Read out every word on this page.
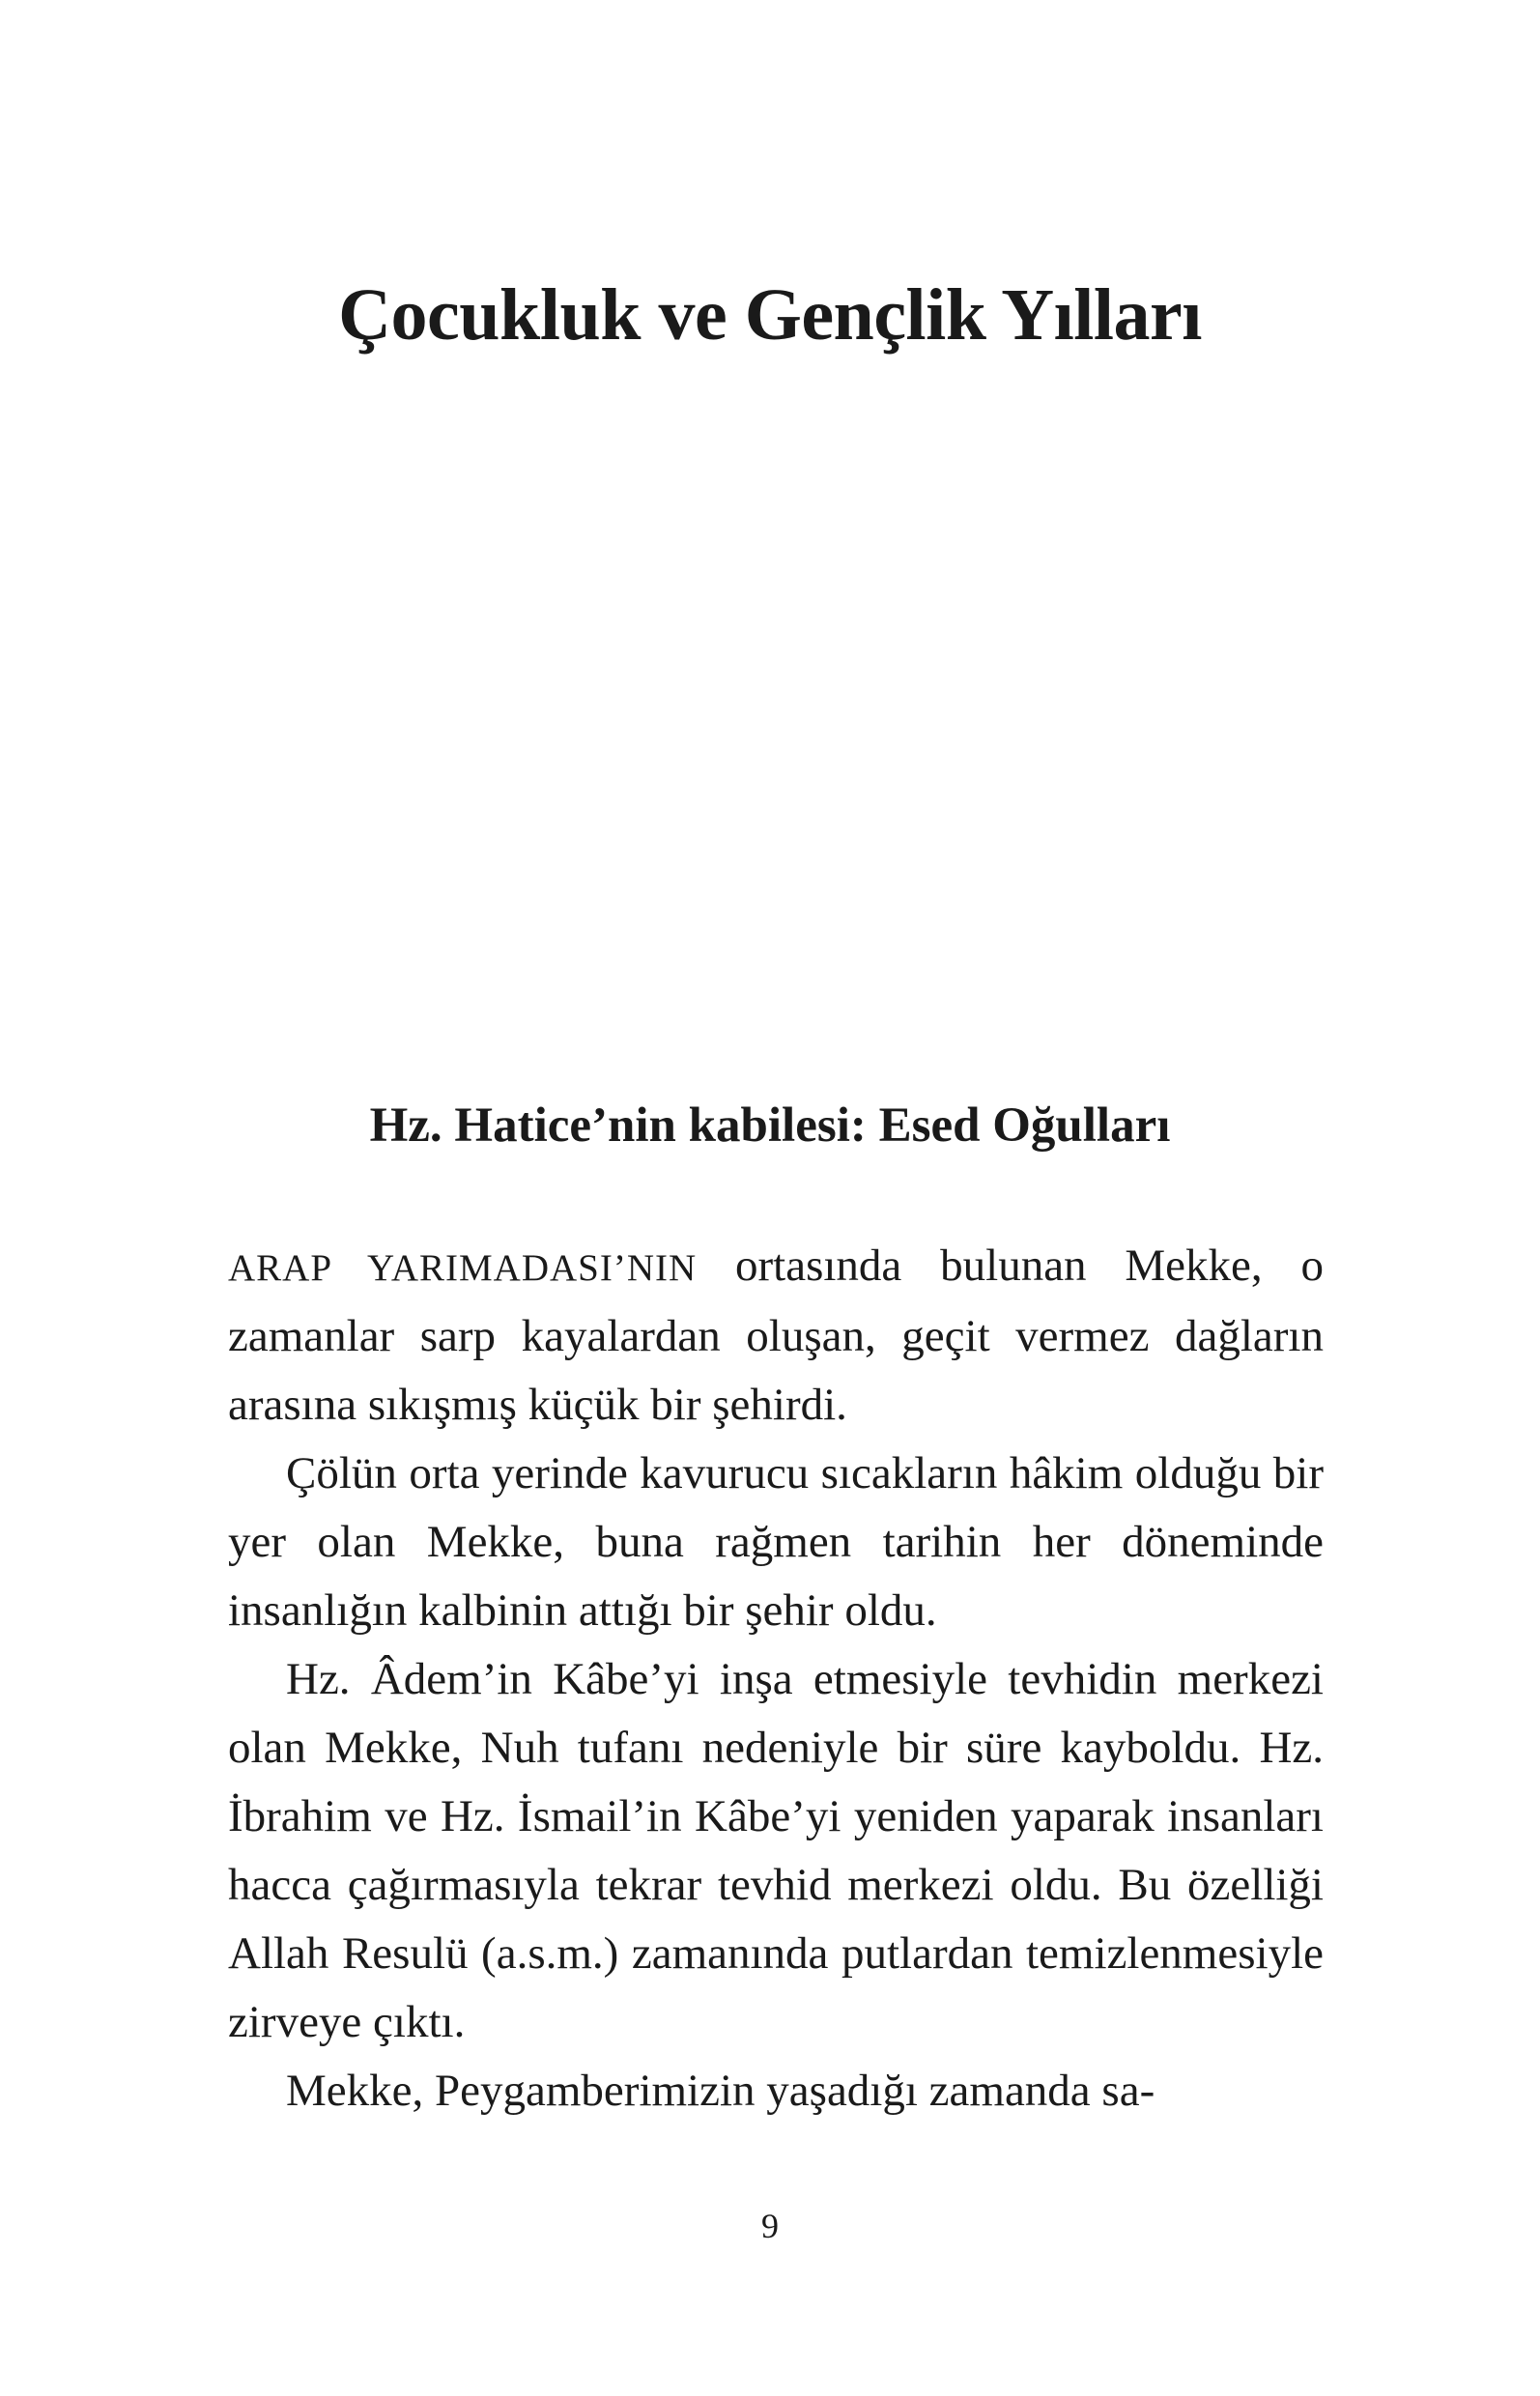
Çocukluk ve Gençlik Yılları
Hz. Hatice’nin kabilesi: Esed Oğulları

ARAP YARIMADASI’NIN ortasında bulunan Mekke, o zamanlar sarp kayalardan oluşan, geçit vermez dağların arasına sıkışmış küçük bir şehirdi.

Çölün orta yerinde kavurucu sıcakların hâkim olduğu bir yer olan Mekke, buna rağmen tarihin her döneminde insanlığın kalbinin attığı bir şehir oldu.

Hz. Âdem’in Kâbe’yi inşa etmesiyle tevhidin merkezi olan Mekke, Nuh tufanı nedeniyle bir süre kayboldu. Hz. İbrahim ve Hz. İsmail’in Kâbe’yi yeniden yaparak insanları hacca çağırmasıyla tekrar tevhid merkezi oldu. Bu özelliği Allah Resulü (a.s.m.) zamanında putlardan temizlenmesiyle zirveye çıktı.

Mekke, Peygamberimizin yaşadığı zamanda sa-

9
